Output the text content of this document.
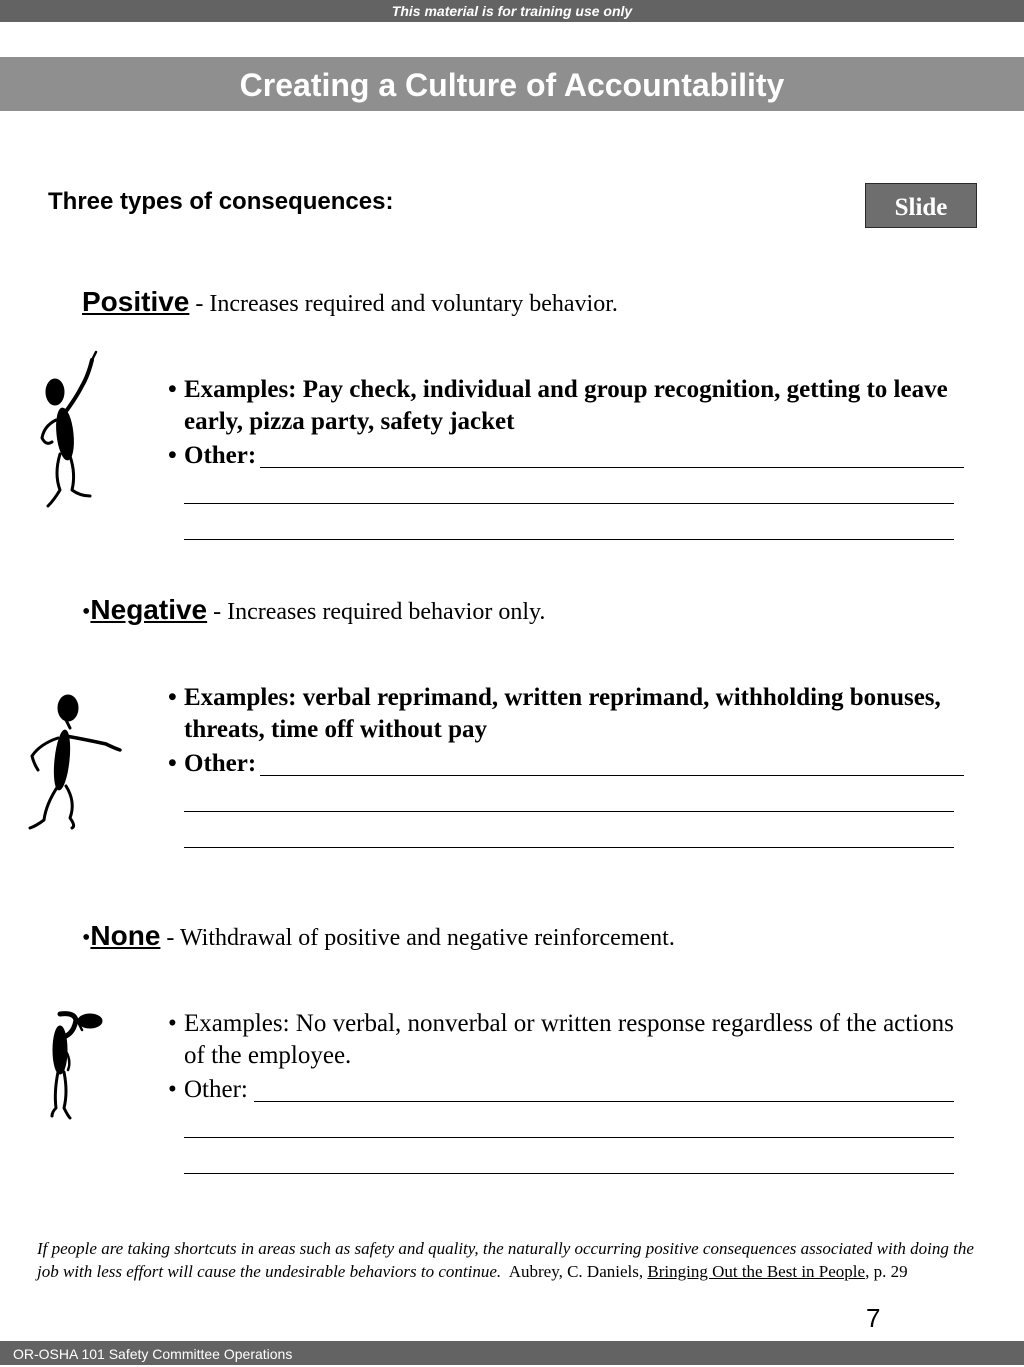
This material is for training use only
Creating a Culture of Accountability
Three types of consequences:	Slide
Positive - Increases required and voluntary behavior.
• Examples: Pay check, individual and group recognition, getting to leave early, pizza party, safety jacket
• Other:
•Negative - Increases required behavior only.
• Examples: verbal reprimand, written reprimand, withholding bonuses, threats, time off without pay
• Other:
•None - Withdrawal of positive and negative reinforcement.
• Examples: No verbal, nonverbal or written response regardless of the actions of the employee.
• Other:
If people are taking shortcuts in areas such as safety and quality, the naturally occurring positive consequences associated with doing the job with less effort will cause the undesirable behaviors to continue. Aubrey, C. Daniels, Bringing Out the Best in People, p. 29
7
OR-OSHA 101 Safety Committee Operations
